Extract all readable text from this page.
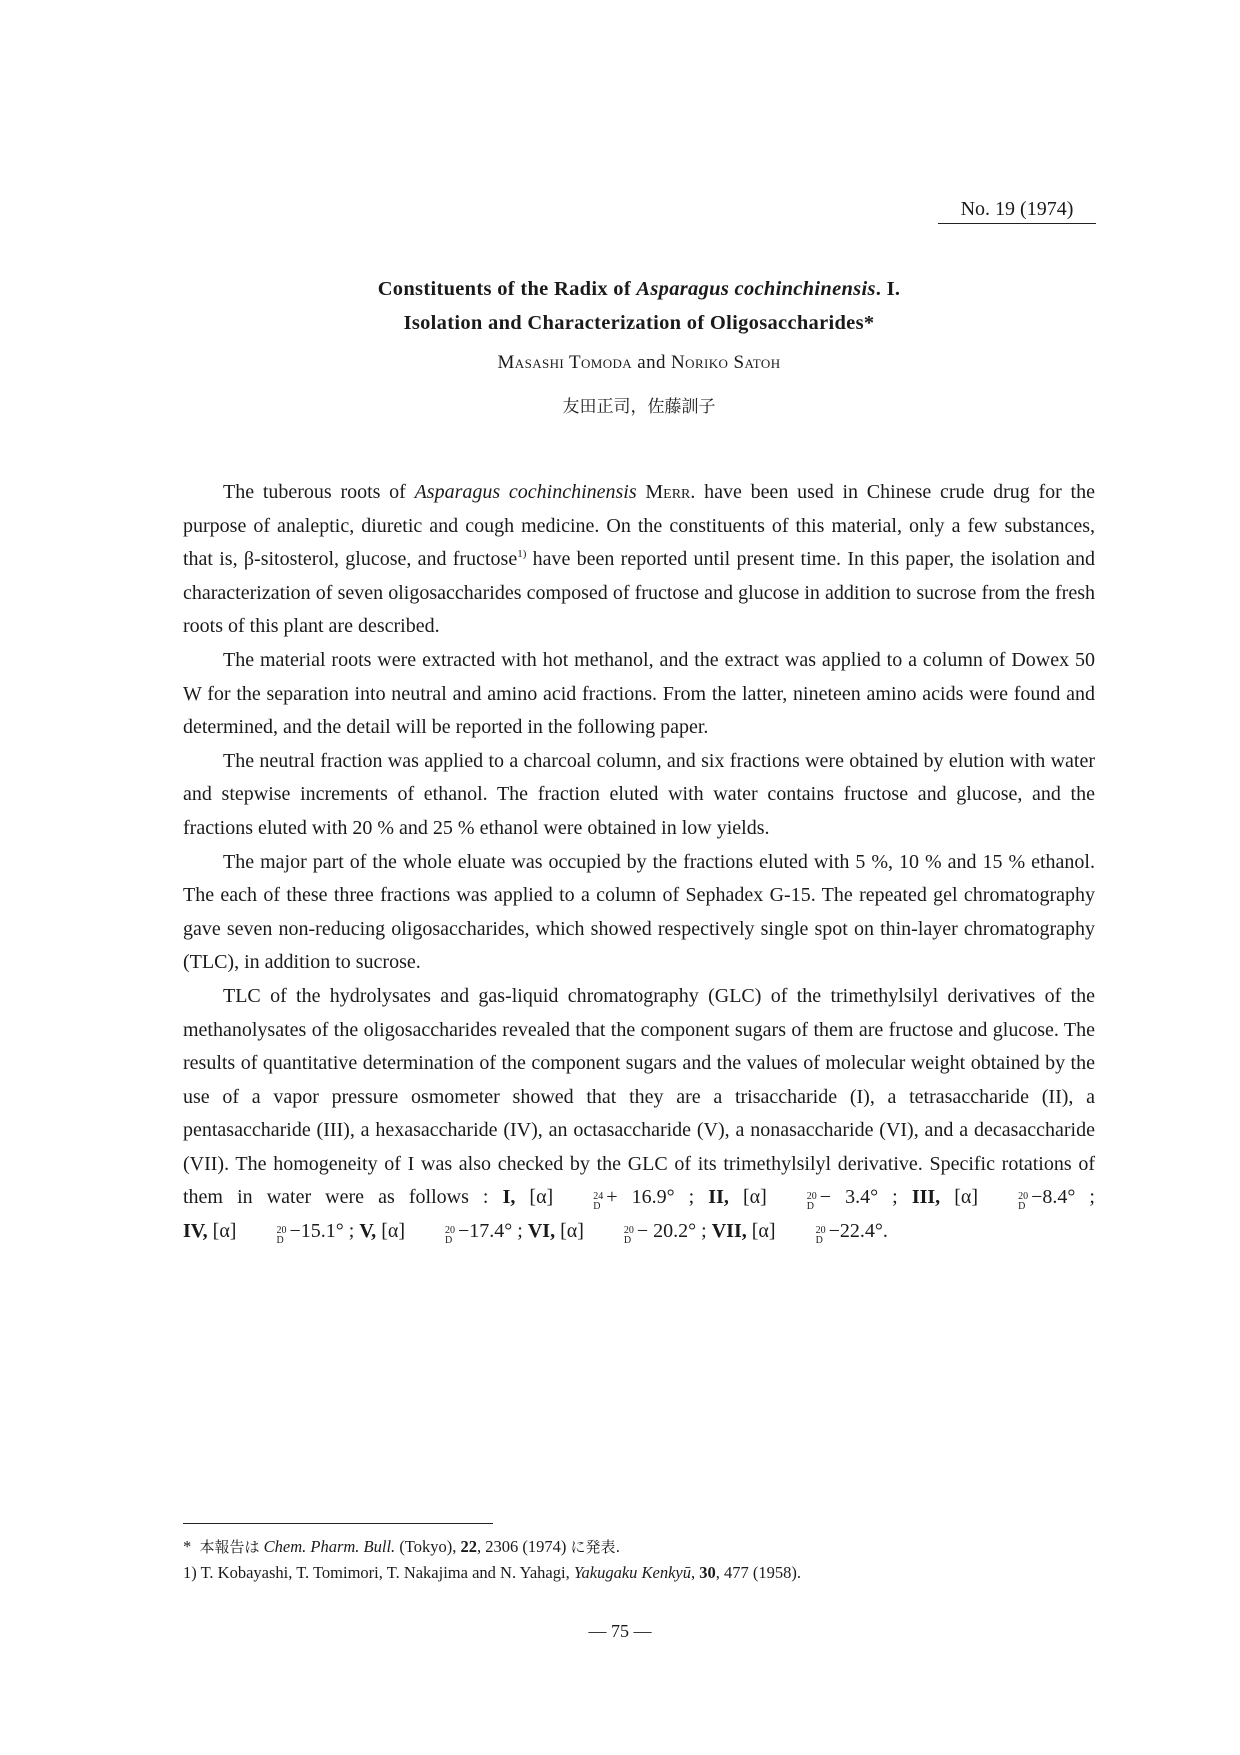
No. 19 (1974)
Constituents of the Radix of Asparagus cochinchinensis. I.
Isolation and Characterization of Oligosaccharides*
Masashi Tomoda and Noriko Satoh
友田正司，佐藤訓子

The tuberous roots of Asparagus cochinchinensis Merr. have been used in Chinese crude drug for the purpose of analeptic, diuretic and cough medicine. On the constituents of this material, only a few substances, that is, β-sitosterol, glucose, and fructose$^{1)}$ have been reported until present time. In this paper, the isolation and characterization of seven oligosaccharides composed of fructose and glucose in addition to sucrose from the fresh roots of this plant are described.

The material roots were extracted with hot methanol, and the extract was applied to a column of Dowex 50 W for the separation into neutral and amino acid fractions. From the latter, nineteen amino acids were found and determined, and the detail will be reported in the following paper.

The neutral fraction was applied to a charcoal column, and six fractions were obtained by elution with water and stepwise increments of ethanol. The fraction eluted with water contains fructose and glucose, and the fractions eluted with 20 % and 25 % ethanol were obtained in low yields.

The major part of the whole eluate was occupied by the fractions eluted with 5 %, 10 % and 15 % ethanol. The each of these three fractions was applied to a column of Sephadex G-15. The repeated gel chromatography gave seven non-reducing oligosaccharides, which showed respectively single spot on thin-layer chromatography (TLC), in addition to sucrose.

TLC of the hydrolysates and gas-liquid chromatography (GLC) of the trimethylsilyl derivatives of the methanolysates of the oligosaccharides revealed that the component sugars of them are fructose and glucose. The results of quantitative determination of the component sugars and the values of molecular weight obtained by the use of a vapor pressure osmometer showed that they are a trisaccharide (I), a tetrasaccharide (II), a pentasaccharide (III), a hexasaccharide (IV), an octasaccharide (V), a nonasaccharide (VI), and a decasaccharide (VII). The homogeneity of I was also checked by the GLC of its trimethylsilyl derivative. Specific rotations of them in water were as follows : I, [α]	24
D + 16.9° ; II, [α]	20
D − 3.4° ; III, [α]	20
D −8.4° ; IV, [α]	20
D −15.1° ; V, [α]	20
D −17.4° ; VI, [α]	20
D − 20.2° ; VII, [α]	20
D −22.4°.

* 本報告は Chem. Pharm. Bull. (Tokyo), 22, 2306 (1974) に発表.
1) T. Kobayashi, T. Tomimori, T. Nakajima and N. Yahagi, Yakugaku Kenkyū, 30, 477 (1958).
— 75 —
